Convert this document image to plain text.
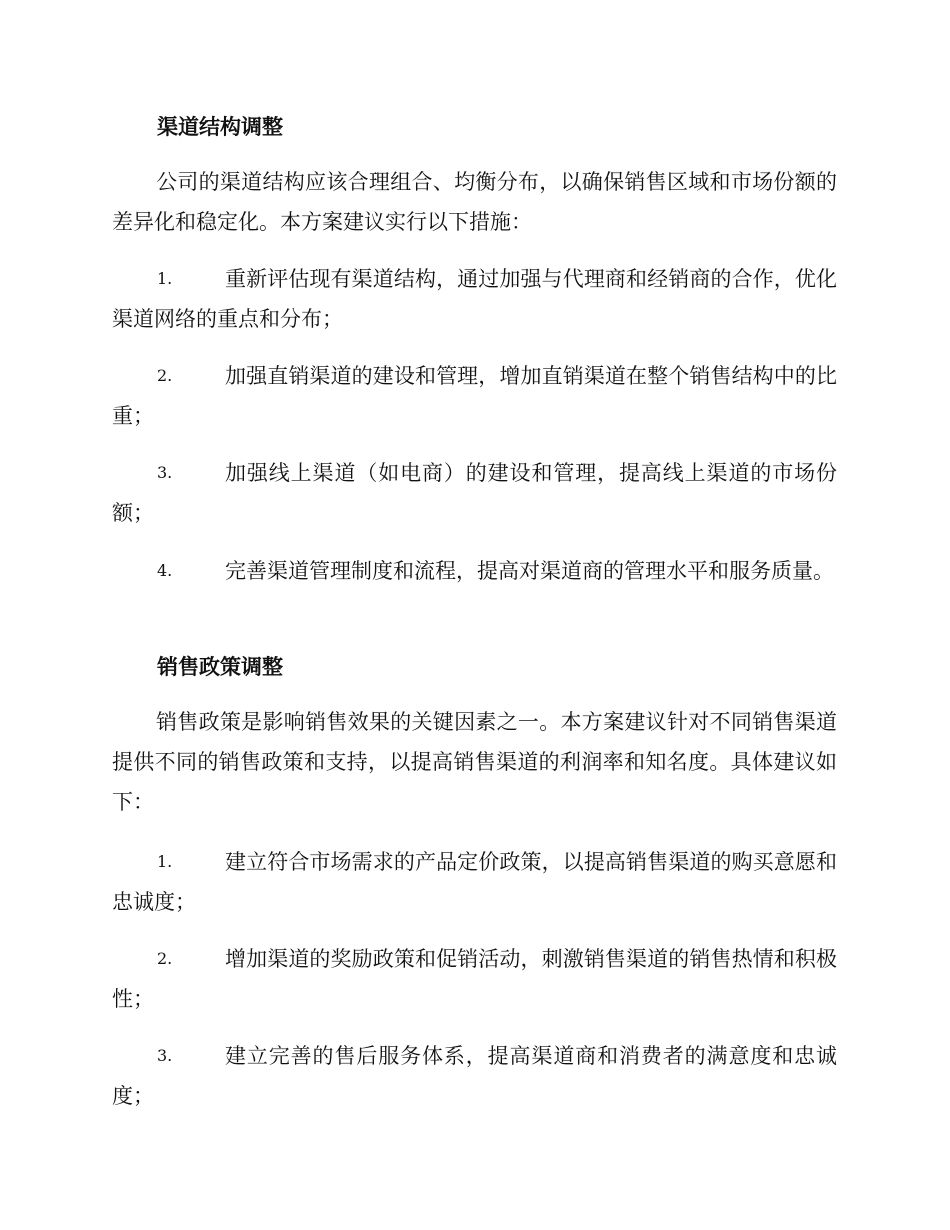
渠道结构调整

公司的渠道结构应该合理组合、均衡分布，以确保销售区域和市场份额的差异化和稳定化。本方案建议实行以下措施：

1.	重新评估现有渠道结构，通过加强与代理商和经销商的合作，优化渠道网络的重点和分布；
2.	加强直销渠道的建设和管理，增加直销渠道在整个销售结构中的比重；
3.	加强线上渠道（如电商）的建设和管理，提高线上渠道的市场份额；
4.	完善渠道管理制度和流程，提高对渠道商的管理水平和服务质量。
销售政策调整

销售政策是影响销售效果的关键因素之一。本方案建议针对不同销售渠道提供不同的销售政策和支持，以提高销售渠道的利润率和知名度。具体建议如下：

1.	建立符合市场需求的产品定价政策，以提高销售渠道的购买意愿和忠诚度；
2.	增加渠道的奖励政策和促销活动，刺激销售渠道的销售热情和积极性；
3.	建立完善的售后服务体系，提高渠道商和消费者的满意度和忠诚度；
